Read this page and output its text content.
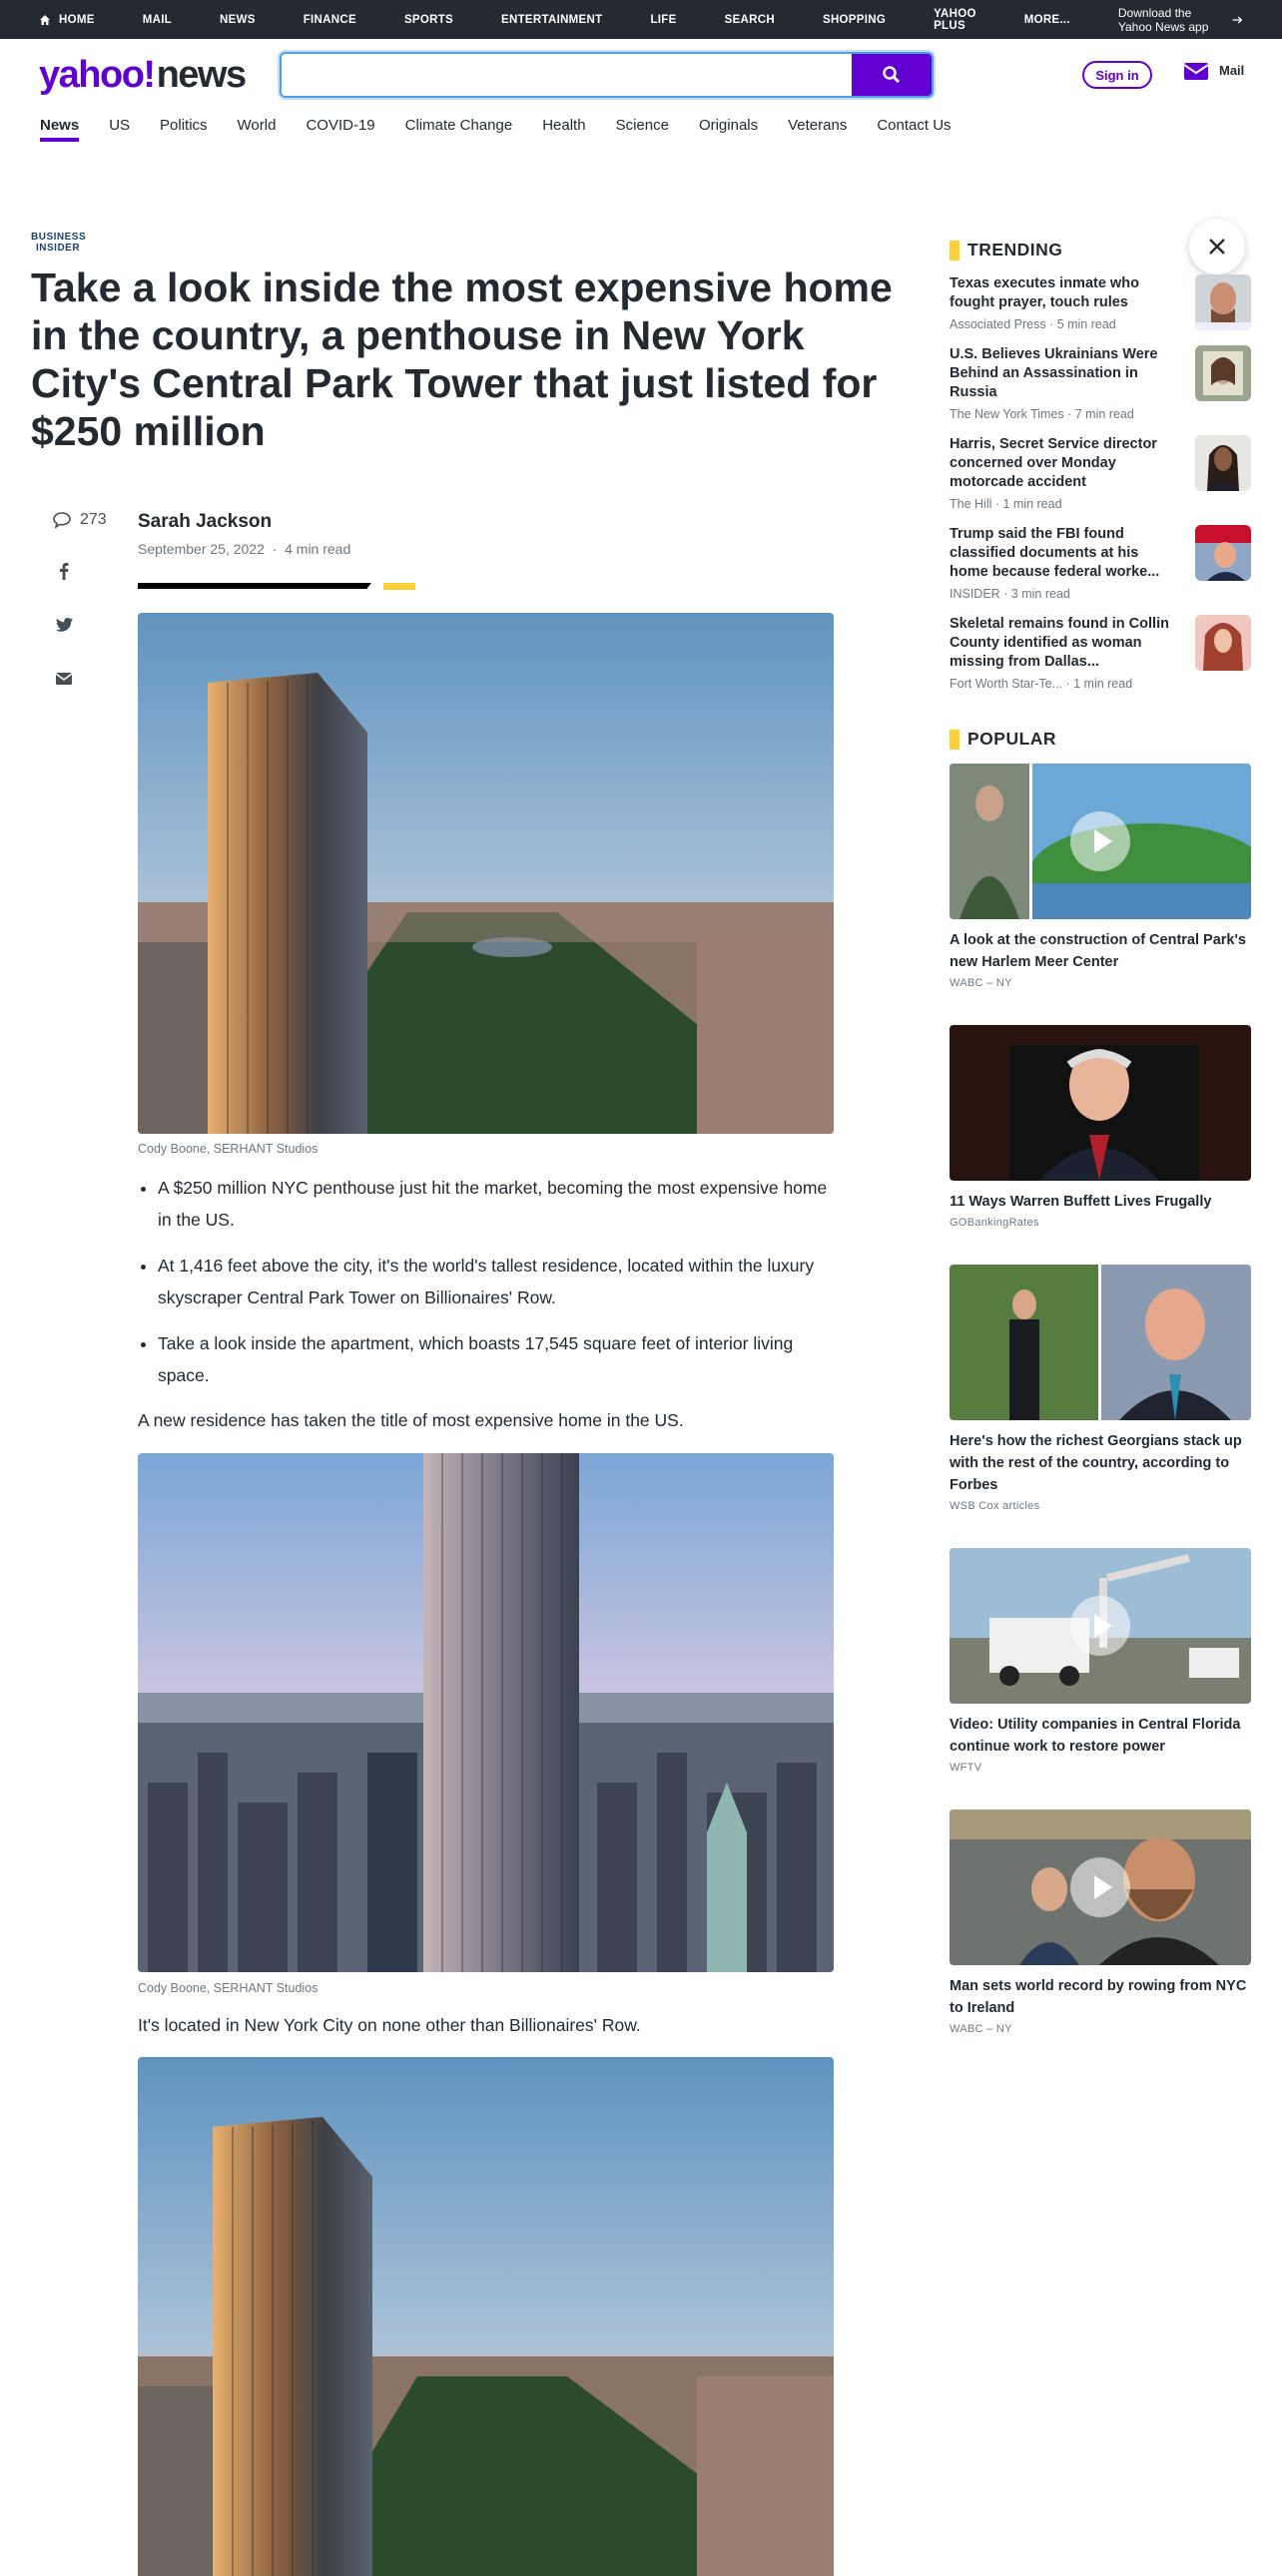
HOME	MAIL	NEWS	FINANCE	SPORTS	ENTERTAINMENT	LIFE	SEARCH	SHOPPING	YAHOO PLUS	MORE...	Download the Yahoo News app
yahoo!news	Sign in	Mail
News US Politics World COVID-19 Climate Change Health Science Originals Veterans Contact Us
BUSINESS
INSIDER
Take a look inside the most expensive home in the country, a penthouse in New York City's Central Park Tower that just listed for $250 million
273 Sarah Jackson
September 25, 2022  ·  4 min read
Cody Boone, SERHANT Studios
• A $250 million NYC penthouse just hit the market, becoming the most expensive home in the US.
• At 1,416 feet above the city, it's the world's tallest residence, located within the luxury skyscraper Central Park Tower on Billionaires' Row.
• Take a look inside the apartment, which boasts 17,545 square feet of interior living space.
A new residence has taken the title of most expensive home in the US.
Cody Boone, SERHANT Studios
It's located in New York City on none other than Billionaires' Row.
TRENDING
Texas executes inmate who fought prayer, touch rules
Associated Press · 5 min read
U.S. Believes Ukrainians Were Behind an Assassination in Russia
The New York Times · 7 min read
Harris, Secret Service director concerned over Monday motorcade accident
The Hill · 1 min read
Trump said the FBI found classified documents at his home because federal worke...
INSIDER · 3 min read
Skeletal remains found in Collin County identified as woman missing from Dallas...
Fort Worth Star-Te... · 1 min read
POPULAR
A look at the construction of Central Park's new Harlem Meer Center
WABC – NY
11 Ways Warren Buffett Lives Frugally
GOBankingRates
Here's how the richest Georgians stack up with the rest of the country, according to Forbes
WSB Cox articles
Video: Utility companies in Central Florida continue work to restore power
WFTV
Man sets world record by rowing from NYC to Ireland
WABC – NY
